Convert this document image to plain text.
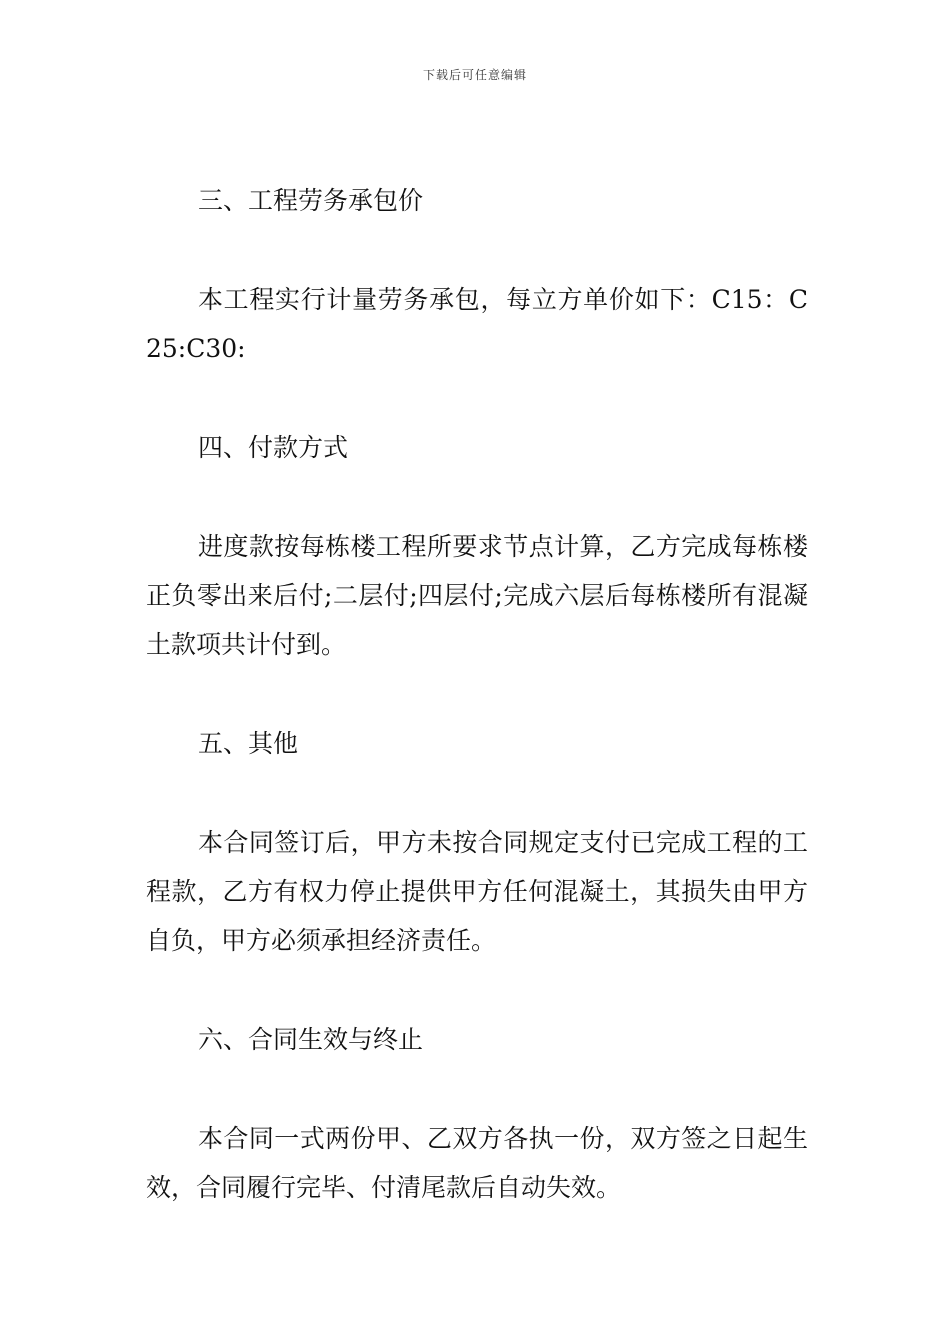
下载后可任意编辑
三、工程劳务承包价

本工程实行计量劳务承包，每立方单价如下：C15：C25:C30:

四、付款方式

进度款按每栋楼工程所要求节点计算，乙方完成每栋楼正负零出来后付;二层付;四层付;完成六层后每栋楼所有混凝土款项共计付到。

五、其他

本合同签订后，甲方未按合同规定支付已完成工程的工程款，乙方有权力停止提供甲方任何混凝土，其损失由甲方自负，甲方必须承担经济责任。

六、合同生效与终止

本合同一式两份甲、乙双方各执一份，双方签之日起生效，合同履行完毕、付清尾款后自动失效。
